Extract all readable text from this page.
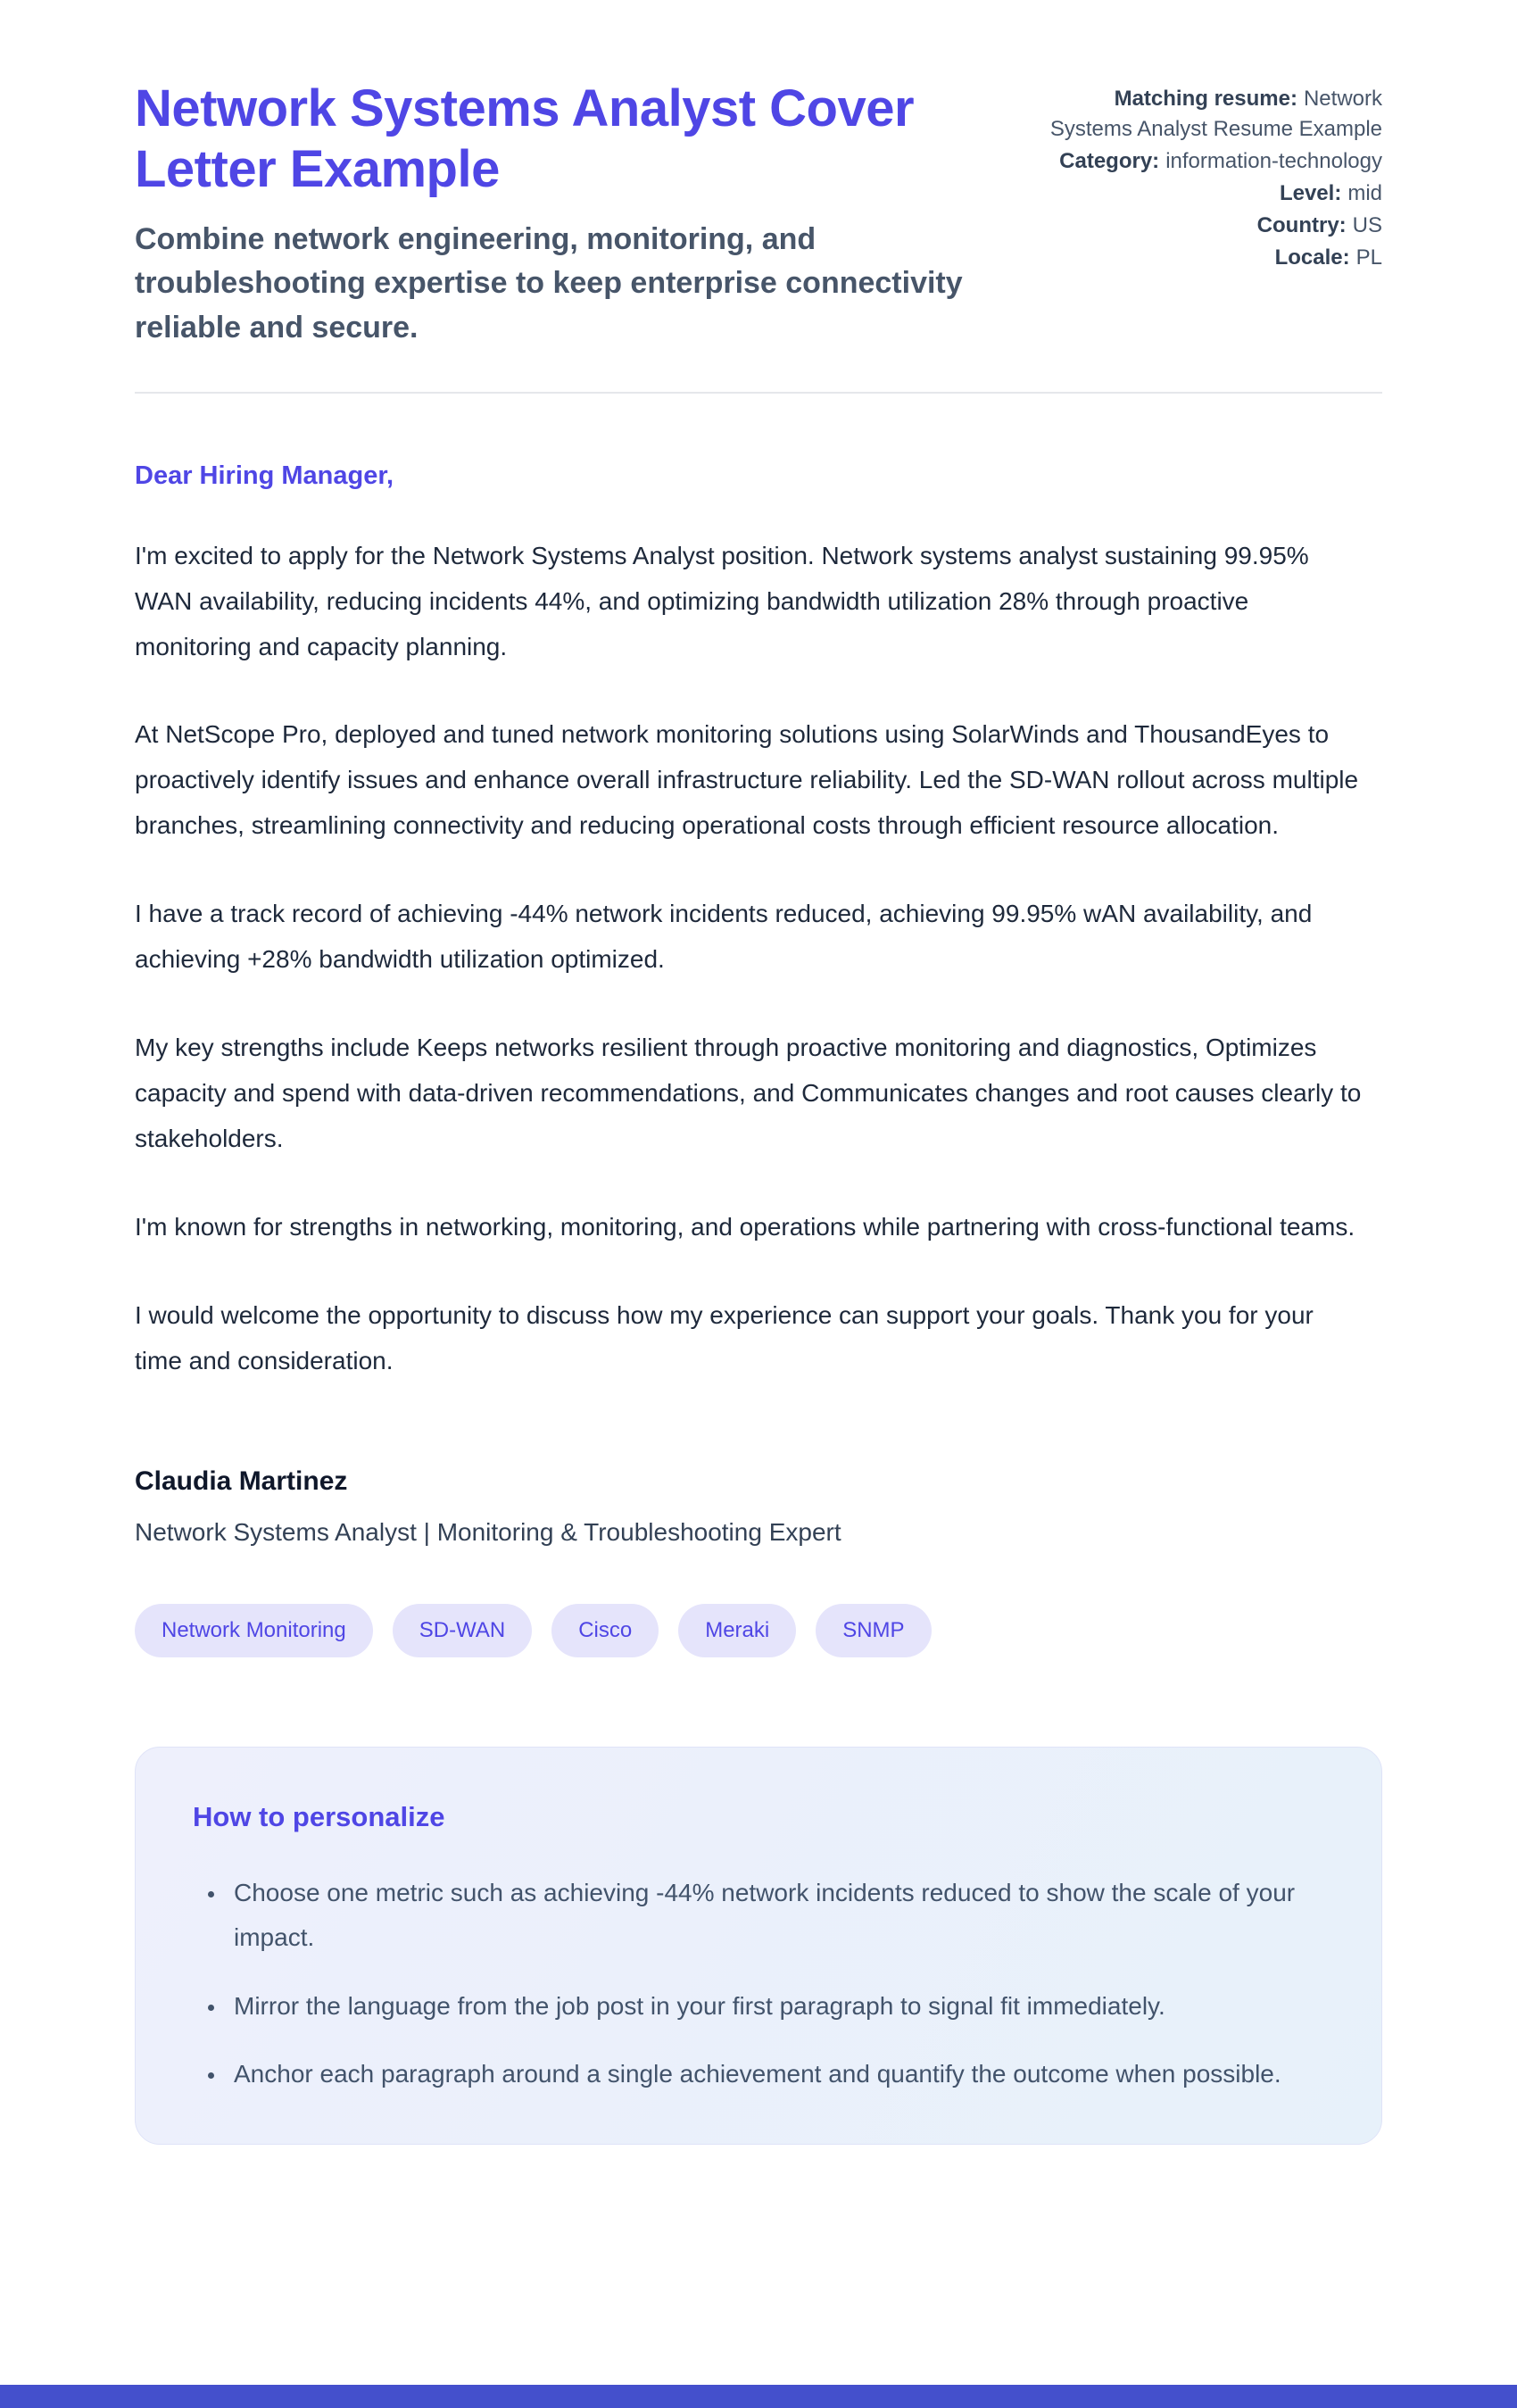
Network Systems Analyst Cover Letter Example

Combine network engineering, monitoring, and troubleshooting expertise to keep enterprise connectivity reliable and secure.

Matching resume: Network Systems Analyst Resume Example
Category: information-technology
Level: mid
Country: US
Locale: PL

Dear Hiring Manager,

I'm excited to apply for the Network Systems Analyst position. Network systems analyst sustaining 99.95% WAN availability, reducing incidents 44%, and optimizing bandwidth utilization 28% through proactive monitoring and capacity planning.

At NetScope Pro, deployed and tuned network monitoring solutions using SolarWinds and ThousandEyes to proactively identify issues and enhance overall infrastructure reliability. Led the SD-WAN rollout across multiple branches, streamlining connectivity and reducing operational costs through efficient resource allocation.

I have a track record of achieving -44% network incidents reduced, achieving 99.95% wAN availability, and achieving +28% bandwidth utilization optimized.

My key strengths include Keeps networks resilient through proactive monitoring and diagnostics, Optimizes capacity and spend with data-driven recommendations, and Communicates changes and root causes clearly to stakeholders.

I'm known for strengths in networking, monitoring, and operations while partnering with cross-functional teams.

I would welcome the opportunity to discuss how my experience can support your goals. Thank you for your time and consideration.

Claudia Martinez

Network Systems Analyst | Monitoring & Troubleshooting Expert

Network Monitoring	SD-WAN	Cisco	Meraki	SNMP
How to personalize
• Choose one metric such as achieving -44% network incidents reduced to show the scale of your impact.
• Mirror the language from the job post in your first paragraph to signal fit immediately.
• Anchor each paragraph around a single achievement and quantify the outcome when possible.
